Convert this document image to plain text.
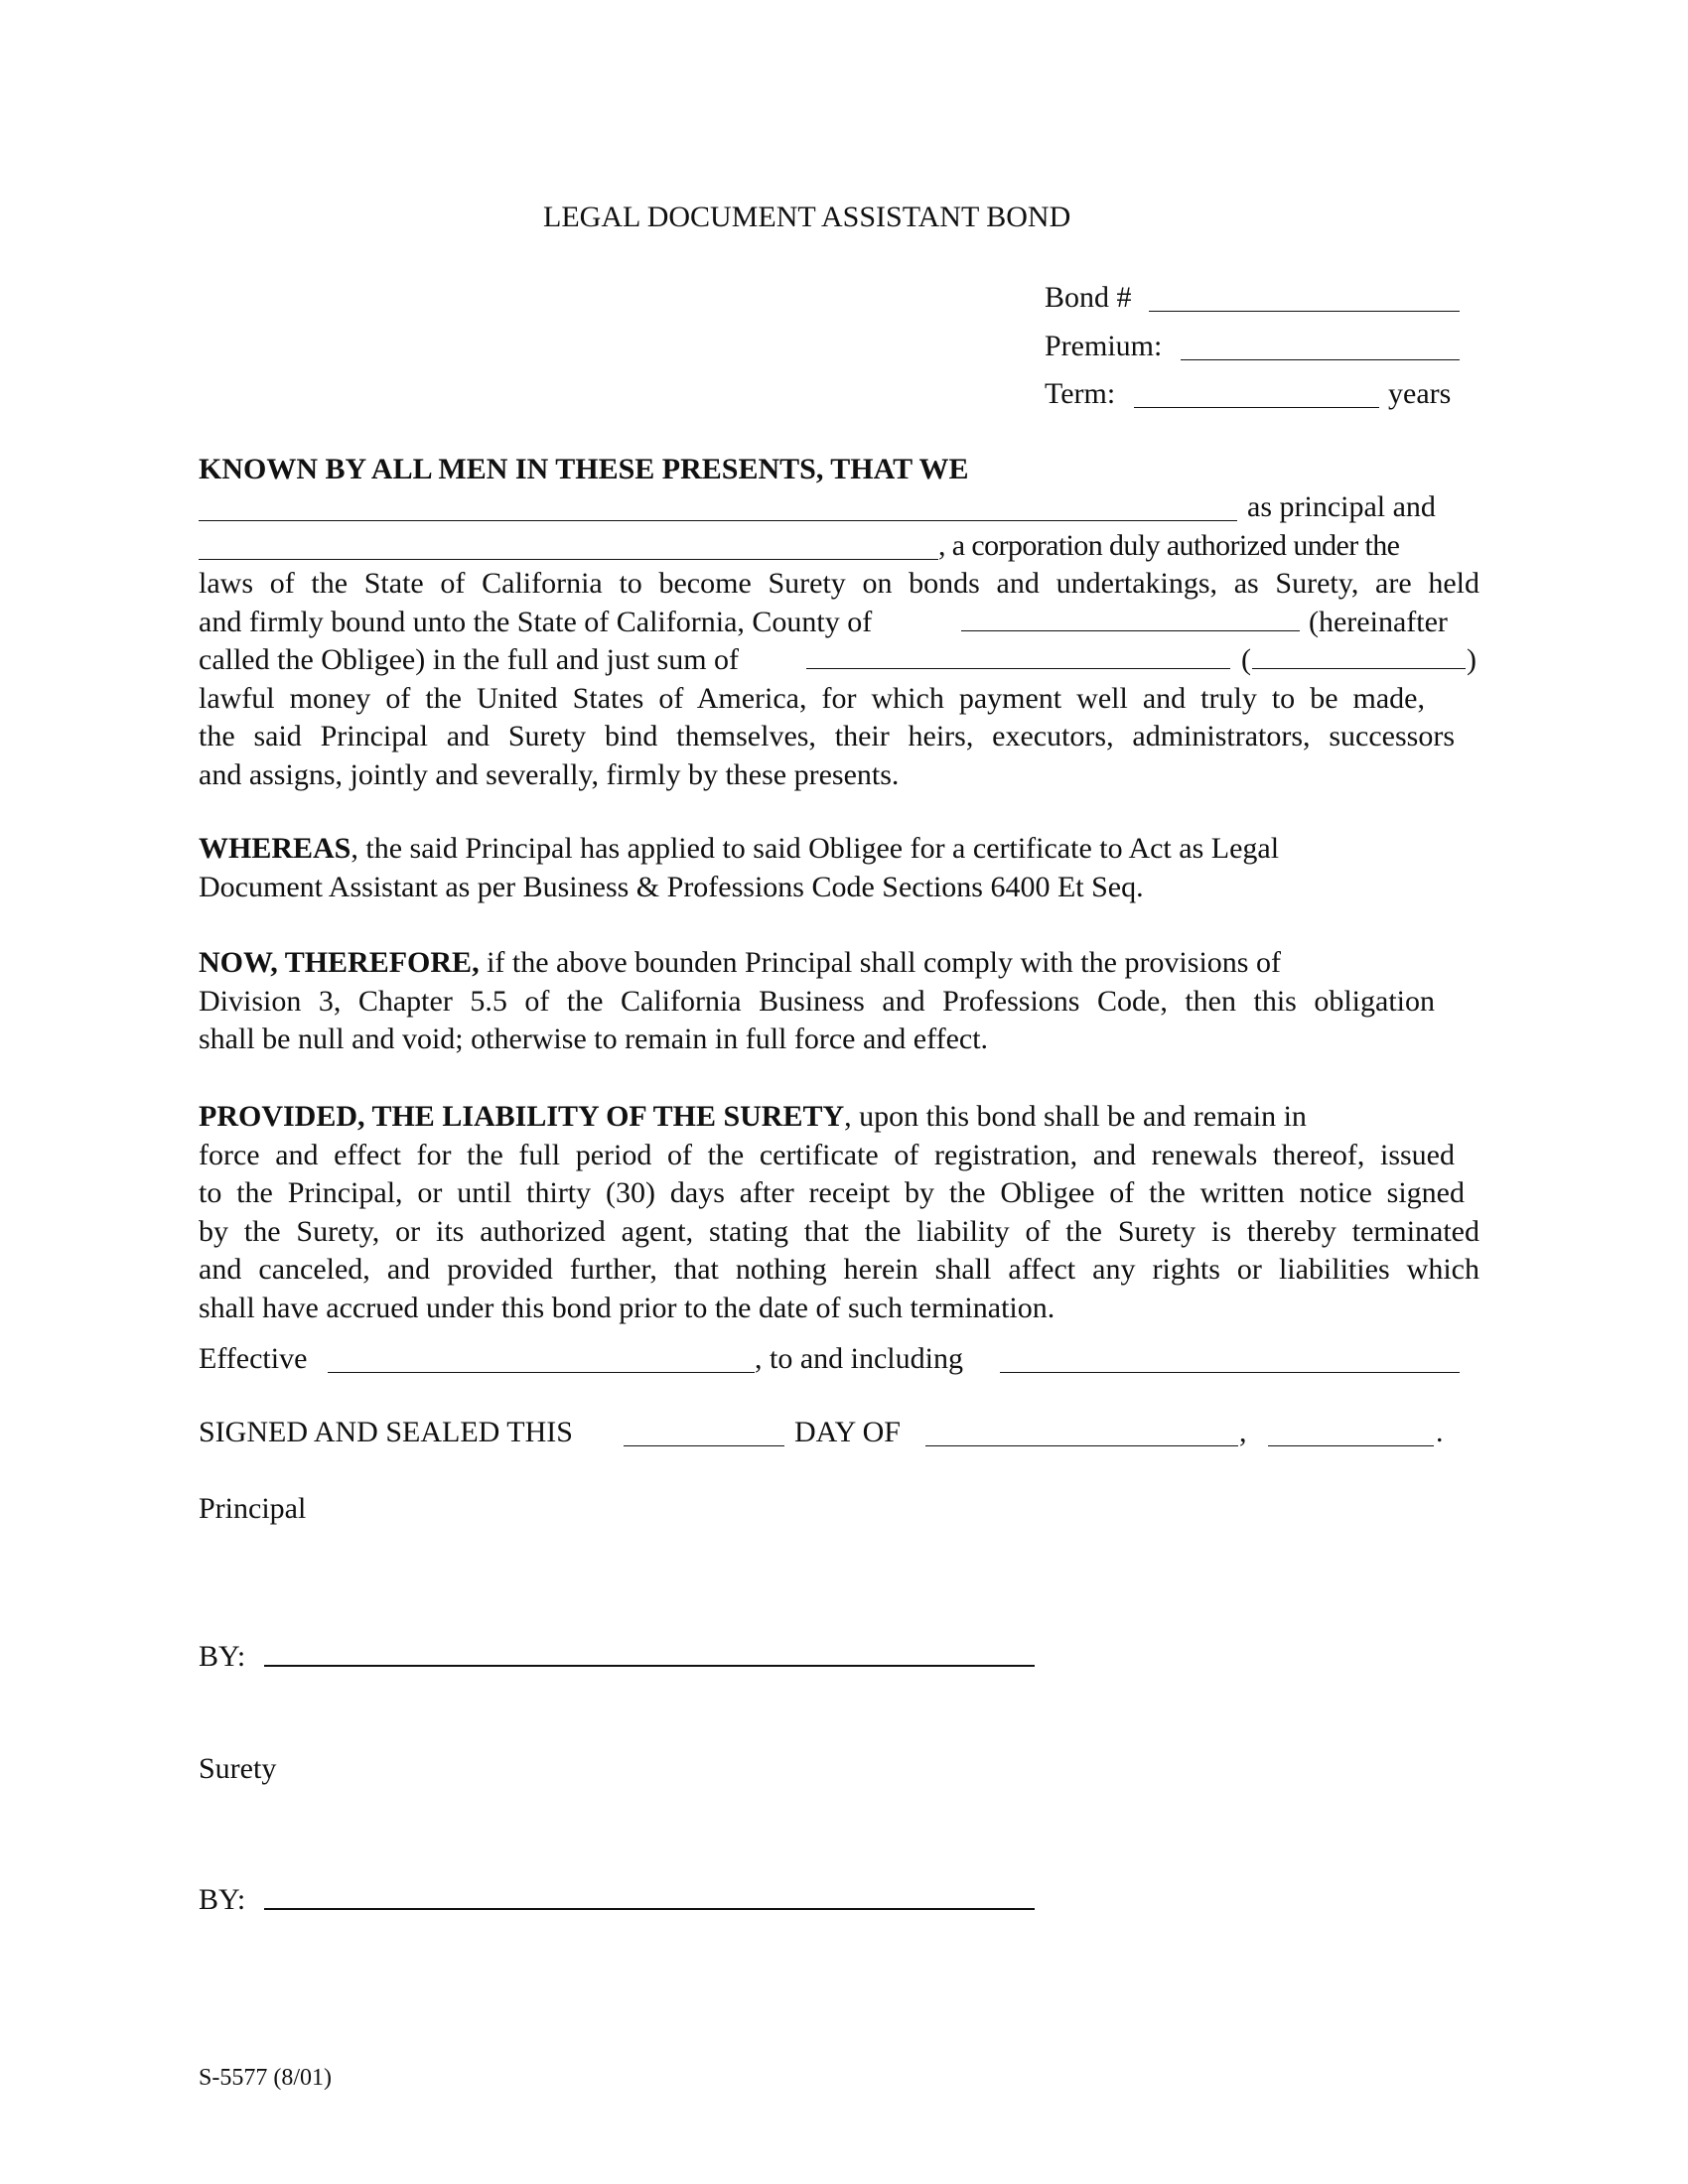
LEGAL DOCUMENT ASSISTANT BOND
Bond #
Premium:
Term:	years
KNOWN BY ALL MEN IN THESE PRESENTS, THAT WE
as principal and
, a corporation duly authorized under the
laws of the State of California to become Surety on bonds and undertakings, as Surety, are held
and firmly bound unto the State of California, County of	(hereinafter
called the Obligee) in the full and just sum of	(	)
lawful money of the United States of America, for which payment well and truly to be made,
the said Principal and Surety bind themselves, their heirs, executors, administrators, successors
and assigns, jointly and severally, firmly by these presents.
WHEREAS, the said Principal has applied to said Obligee for a certificate to Act as Legal
Document Assistant as per Business & Professions Code Sections 6400 Et Seq.
NOW, THEREFORE, if the above bounden Principal shall comply with the provisions of
Division 3, Chapter 5.5 of the California Business and Professions Code, then this obligation
shall be null and void; otherwise to remain in full force and effect.
PROVIDED, THE LIABILITY OF THE SURETY, upon this bond shall be and remain in
force and effect for the full period of the certificate of registration, and renewals thereof, issued
to the Principal, or until thirty (30) days after receipt by the Obligee of the written notice signed
by the Surety, or its authorized agent, stating that the liability of the Surety is thereby terminated
and canceled, and provided further, that nothing herein shall affect any rights or liabilities which
shall have accrued under this bond prior to the date of such termination.
Effective	, to and including
SIGNED AND SEALED THIS	DAY OF	,	.
Principal
BY:
Surety
BY:
S-5577 (8/01)
